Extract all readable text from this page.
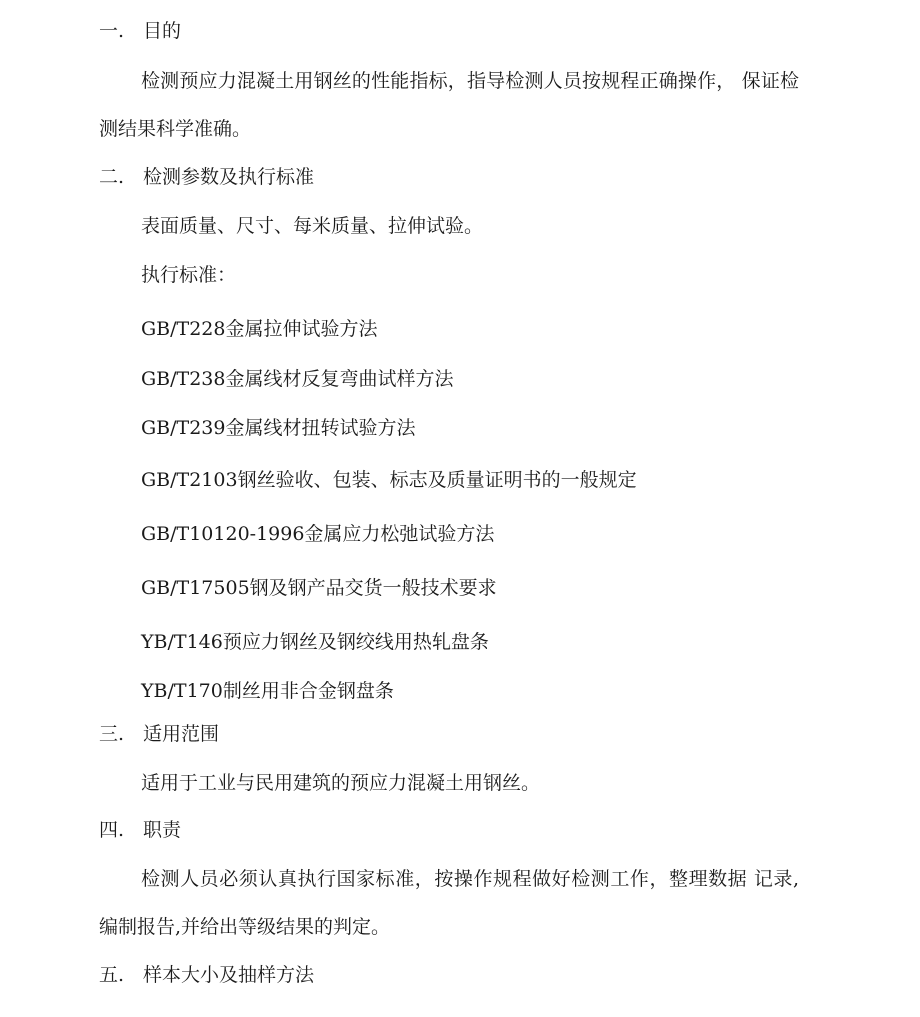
一. 目的
检测预应力混凝土用钢丝的性能指标，指导检测人员按规程正确操作， 保证检测结果科学准确。
二. 检测参数及执行标准
表面质量、尺寸、每米质量、拉伸试验。
执行标准：
GB/T228金属拉伸试验方法
GB/T238金属线材反复弯曲试样方法
GB/T239金属线材扭转试验方法
GB/T2103钢丝验收、包装、标志及质量证明书的一般规定
GB/T10120-1996金属应力松弛试验方法
GB/T17505钢及钢产品交货一般技术要求
YB/T146预应力钢丝及钢绞线用热轧盘条
YB/T170制丝用非合金钢盘条
三. 适用范围
适用于工业与民用建筑的预应力混凝土用钢丝。
四. 职责
检测人员必须认真执行国家标准，按操作规程做好检测工作，整理数据 记录,编制报告,并给出等级结果的判定。
五. 样本大小及抽样方法
